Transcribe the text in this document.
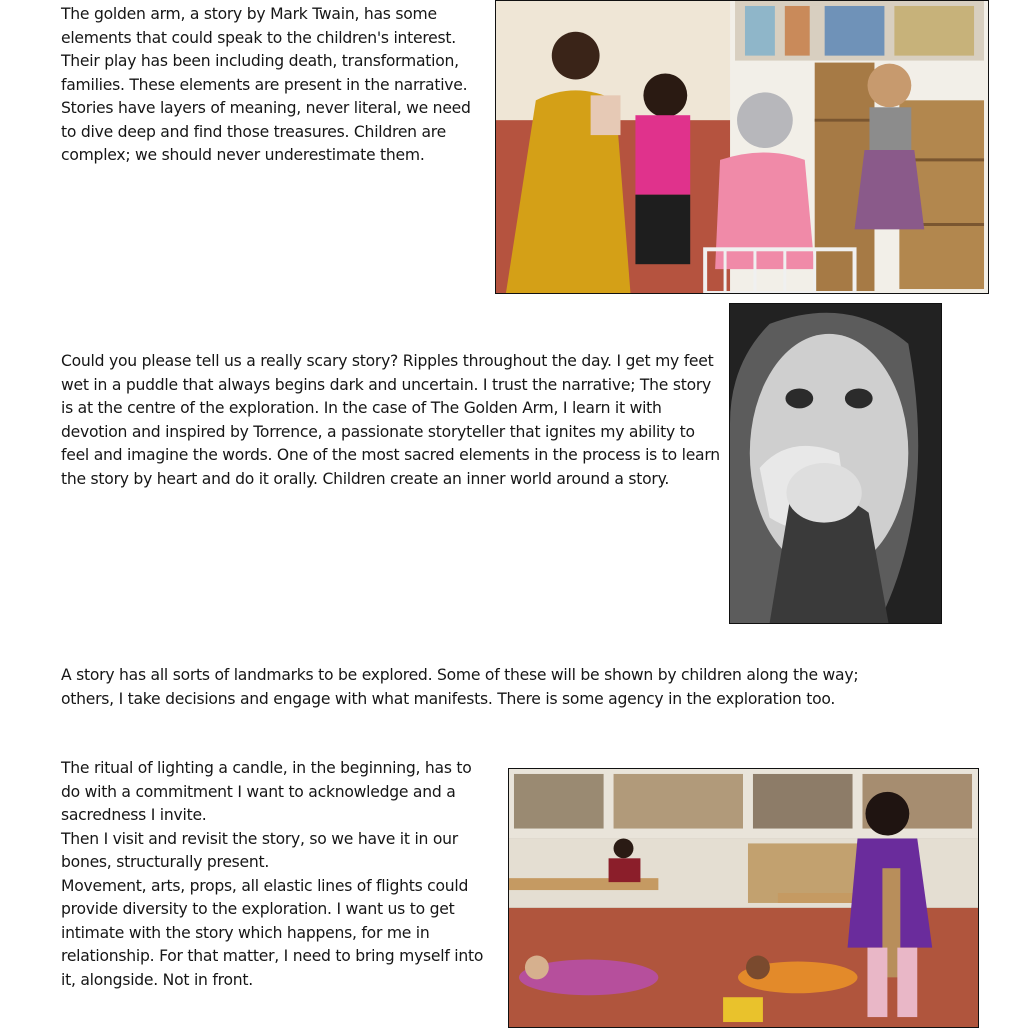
The golden arm, a story by Mark Twain, has some elements that could speak to the children's interest. Their play has been including death, transformation, families. These elements are present in the narrative. Stories have layers of meaning, never literal, we need to dive deep and find those treasures. Children are complex; we should never underestimate them.

Could you please tell us a really scary story? Ripples throughout the day. I get my feet wet in a puddle that always begins dark and uncertain. I trust the narrative; The story is at the centre of the exploration. In the case of The Golden Arm, I learn it with devotion and inspired by Torrence, a passionate storyteller that ignites my ability to feel and imagine the words. One of the most sacred elements in the process is to learn the story by heart and do it orally. Children create an inner world around a story.

A story has all sorts of landmarks to be explored. Some of these will be shown by children along the way; others, I take decisions and engage with what manifests. There is some agency in the exploration too.

The ritual of lighting a candle, in the beginning, has to do with a commitment I want to acknowledge and a sacredness I invite.
Then I visit and revisit the story, so we have it in our bones, structurally present.
Movement, arts, props, all elastic lines of flights could provide diversity to the exploration. I want us to get intimate with the story which happens, for me in relationship. For that matter, I need to bring myself into it, alongside. Not in front.
